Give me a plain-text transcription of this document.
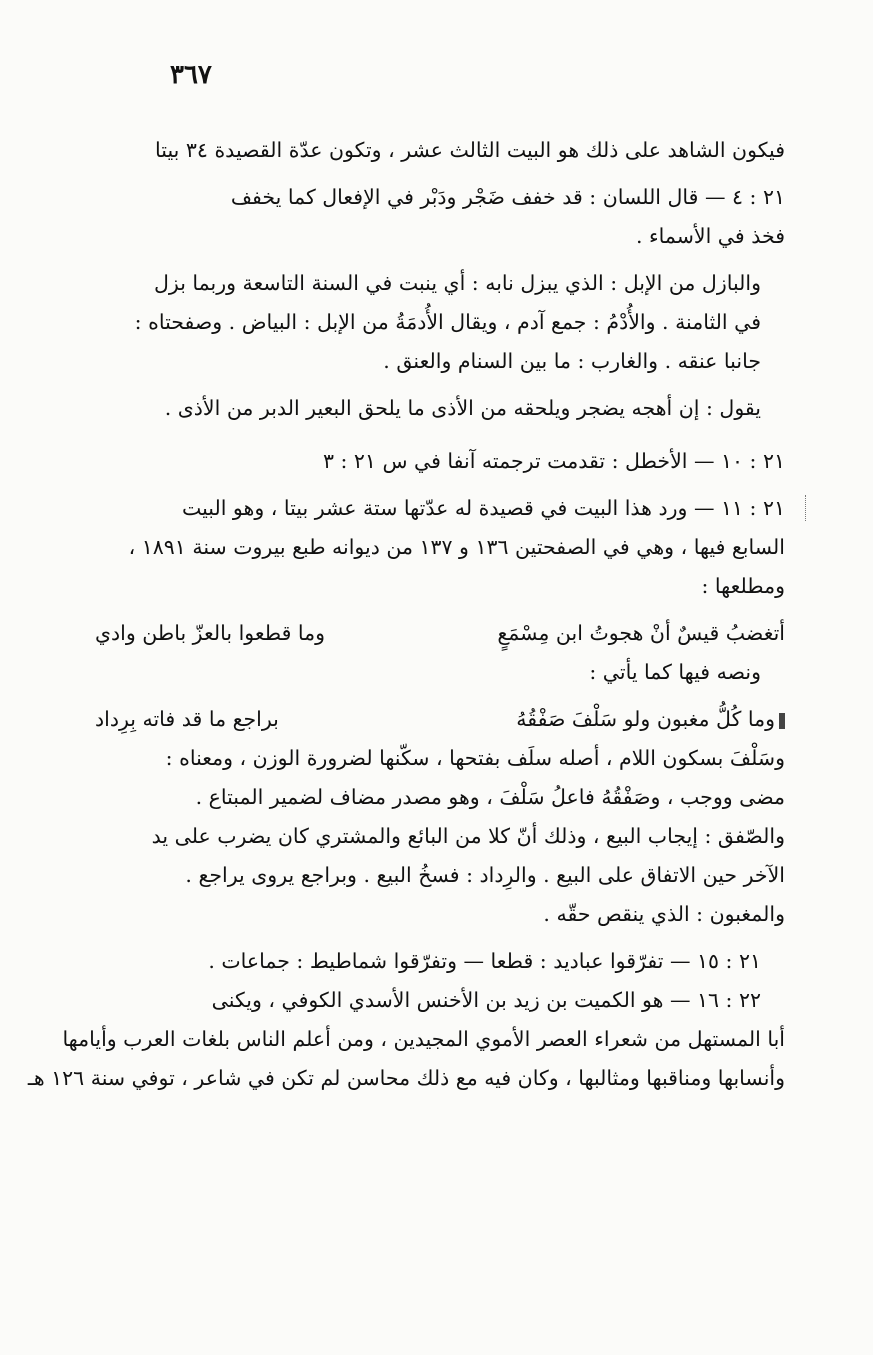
٣٦٧

فيكون الشاهد على ذلك هو البيت الثالث عشر ، وتكون عدّة القصيدة ٣٤ بيتا

٢١ : ٤ — قال اللسان : قد خفف ضَجْر ودَبْر في الإفعال كما يخفف
فخذ في الأسماء .

والبازل من الإبل : الذي يبزل نابه : أي ينبت في السنة التاسعة وربما بزل
في الثامنة . والأُدْمُ : جمع آدم ، ويقال الأُدمَةُ من الإبل : البياض . وصفحتاه :
جانبا عنقه . والغارب : ما بين السنام والعنق .

يقول : إن أهجه يضجر ويلحقه من الأذى ما يلحق البعير الدبر من الأذى .

٢١ : ١٠ — الأخطل : تقدمت ترجمته آنفا في س ٢١ : ٣

٢١ : ١١ — ورد هذا البيت في قصيدة له عدّتها ستة عشر بيتا ، وهو البيت
السابع فيها ، وهي في الصفحتين ١٣٦ و ١٣٧ من ديوانه طبع بيروت سنة ١٨٩١ ،
ومطلعها :

أتغضبُ قيسٌ أنْ هجوتُ ابن مِسْمَعٍ
وما قطعوا بالعزّ باطن وادي

ونصه فيها كما يأتي :

وما كُلُّ مغبون ولو سَلْفَ صَفْقُهُ
براجع ما قد فاته بِرِداد

وسَلْفَ بسكون اللام ، أصله سلَف بفتحها ، سكّنها لضرورة الوزن ، ومعناه :
مضى ووجب ، وصَفْقُهُ فاعلُ سَلْفَ ، وهو مصدر مضاف لضمير المبتاع .
والصّفق : إيجاب البيع ، وذلك أنّ كلا من البائع والمشتري كان يضرب على يد
الآخر حين الاتفاق على البيع . والرِداد : فسخُ البيع . وبراجع يروى يراجع .
والمغبون : الذي ينقص حقّه .

٢١ : ١٥ — تفرّقوا عباديد : قطعا — وتفرّقوا شماطيط : جماعات .

٢٢ : ١٦ — هو الكميت بن زيد بن الأخنس الأسدي الكوفي ، ويكنى
أبا المستهل من شعراء العصر الأموي المجيدين ، ومن أعلم الناس بلغات العرب وأيامها
وأنسابها ومناقبها ومثالبها ، وكان فيه مع ذلك محاسن لم تكن في شاعر ، توفي سنة ١٢٦ هـ
